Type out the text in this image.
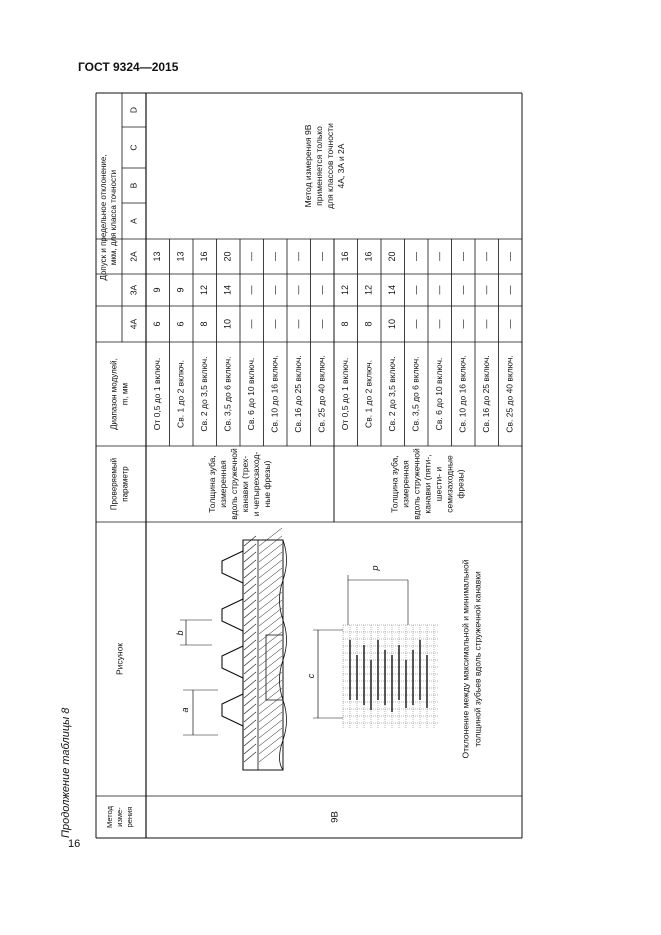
ГОСТ 9324—2015
16
Продолжение таблицы 8	a
b
c
p
Допуск и предельное отклонение, мкм, для класса точности
4A
3A
2A
A
B
C
D
Диапазон модулей, m, мм
Проверяемый параметр
Рисунок
Метод изме- рения
От 0,5 до 1 включ.
6
9
13
Св. 1 до 2 включ.
6
9
13
Св. 2 до 3,5 включ.
8
12
16
Св. 3,5 до 6 включ.
10
14
20
Св. 6 до 10 включ.
—
—
—
Св. 10 до 16 включ.
—
—
—
Св. 16 до 25 включ.
—
—
—
Св. 25 до 40 включ.
—
—
—
Толщина зуба, измеренная вдоль стружечной канавки (трех- и четырехзаход- ные фрезы)
От 0,5 до 1 включ.
8
12
16
Св. 1 до 2 включ.
8
12
16
Св. 2 до 3,5 включ.
10
14
20
Св. 3,5 до 6 включ.
—
—
—
Св. 6 до 10 включ.
—
—
—
Св. 10 до 16 включ.
—
—
—
Св. 16 до 25 включ.
—
—
—
Св. 25 до 40 включ.
—
—
—
Толщина зуба, измеренная вдоль стружечной канавки (пяти-, шести- и семизаходные фрезы)
Метод измерения 9B применяется только для классов точности 4A, 3A и 2A
9B
Отклонение между максимальной и минимальной толщиной зубьев вдоль стружечной канавки
